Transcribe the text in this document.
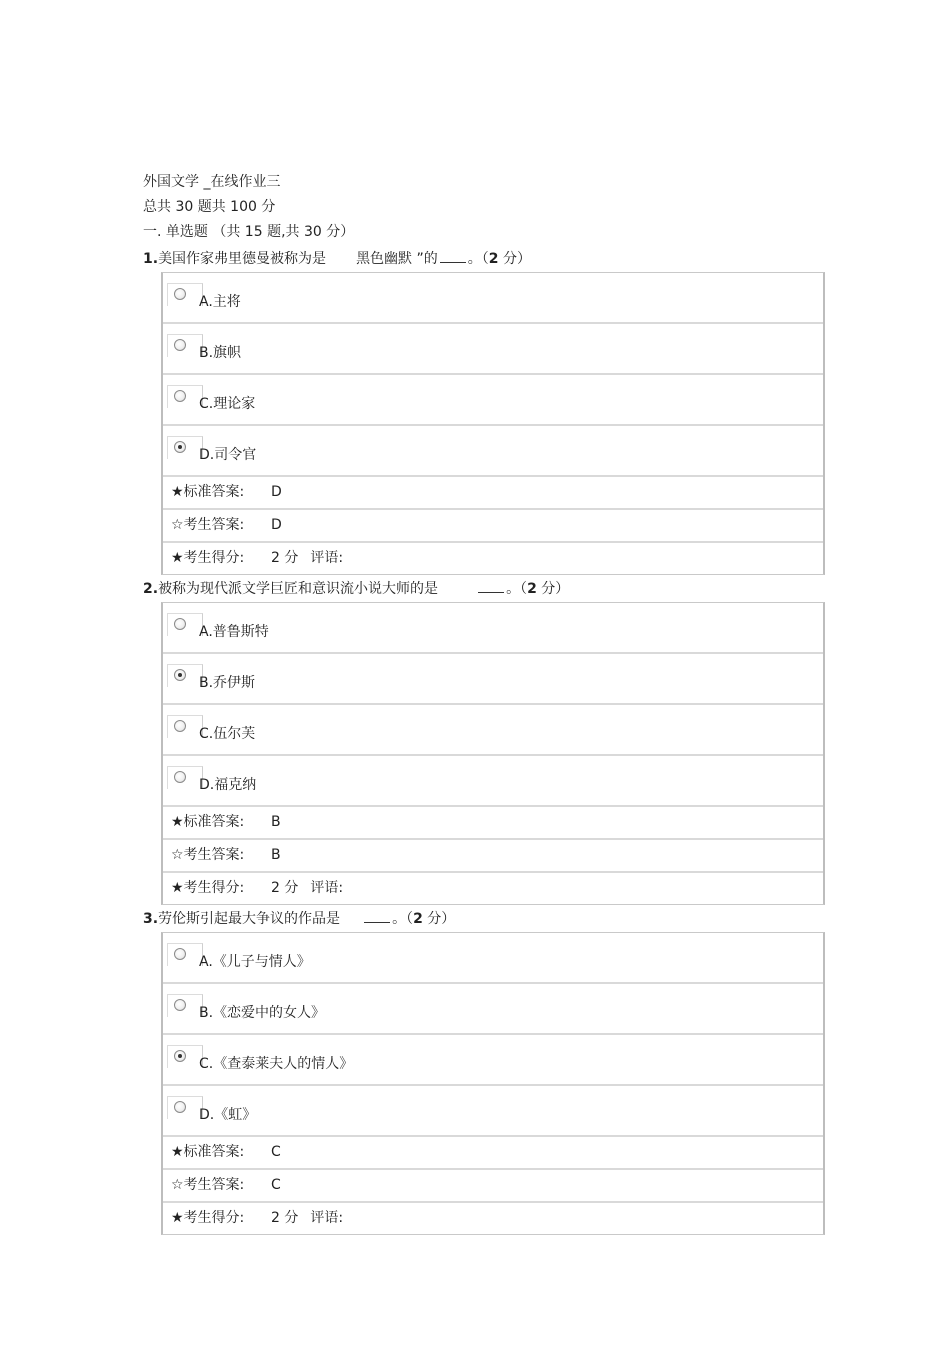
外国文学 _在线作业三
总共 30 题共 100 分
一. 单选题 （共 15 题,共 30 分）
1.美国作家弗里德曼被称为是 黑色幽默 ”的 。（2 分）
A.主将
B.旗帜
C.理论家
D.司令官
★标准答案: D
☆考生答案: D
★考生得分: 2 分 评语:
2.被称为现代派文学巨匠和意识流小说大师的是	。（2 分）
A.普鲁斯特
B.乔伊斯
C.伍尔芙
D.福克纳
★标准答案: B
☆考生答案: B
★考生得分: 2 分 评语:
3.劳伦斯引起最大争议的作品是	。（2 分）
A.《儿子与情人》
B.《恋爱中的女人》
C.《查泰莱夫人的情人》
D.《虹》
★标准答案: C
☆考生答案: C
★考生得分: 2 分 评语:
